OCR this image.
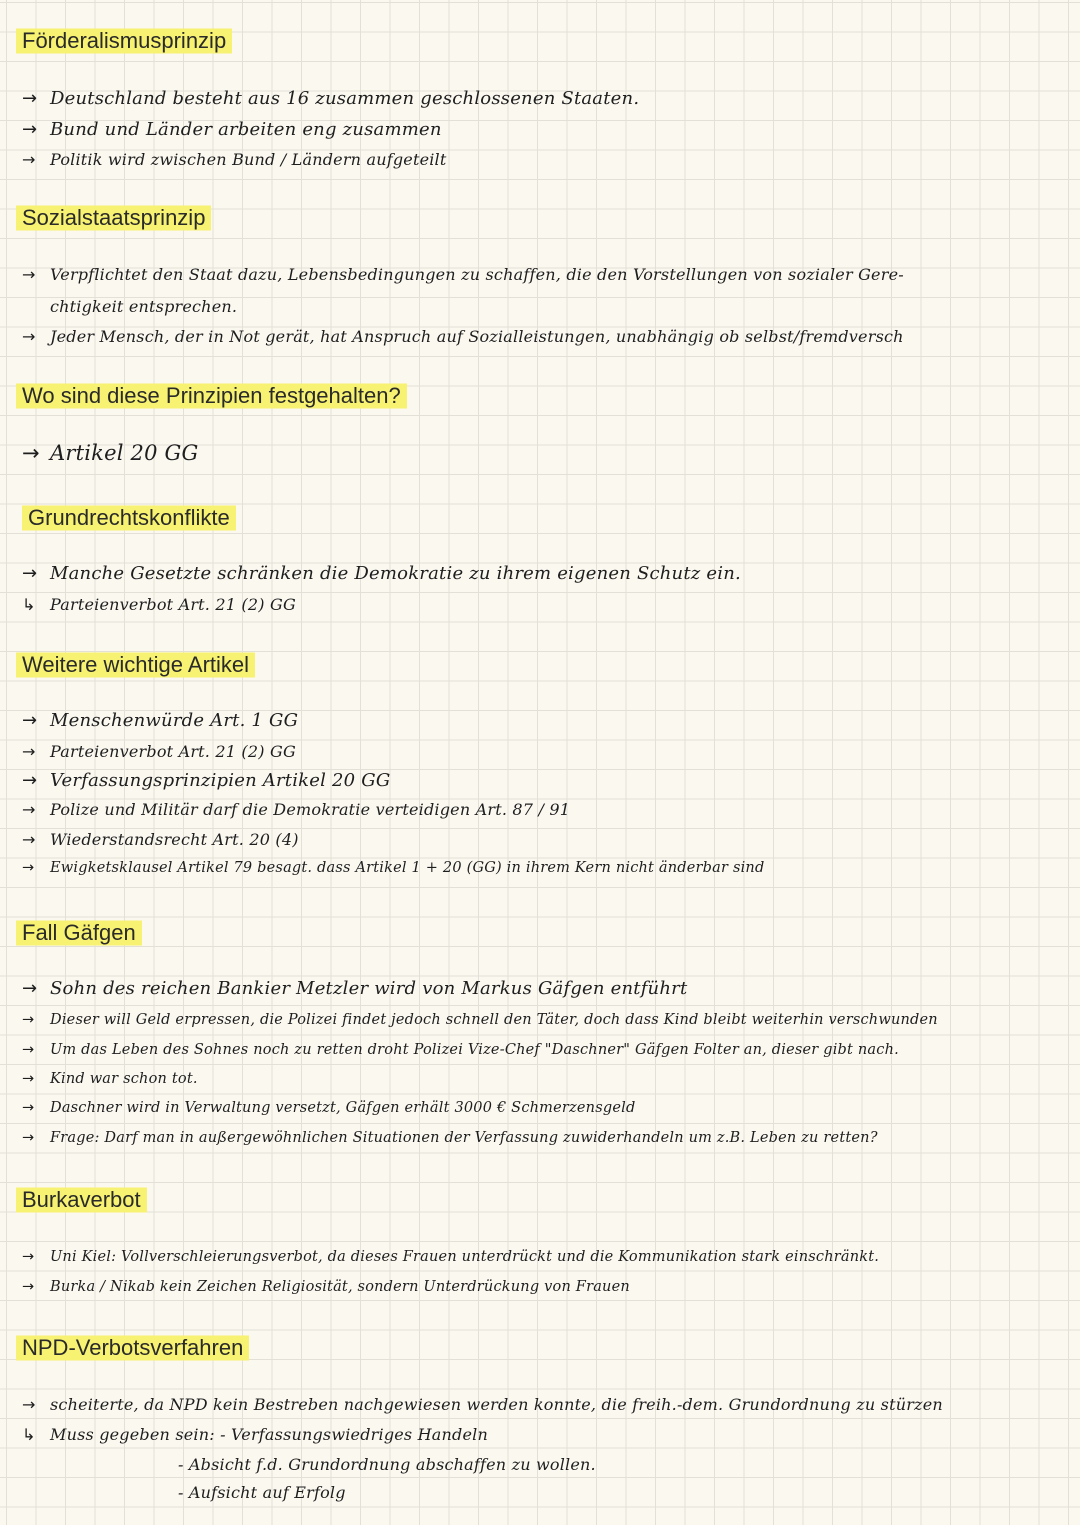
Förderalismusprinzip
→ Deutschland besteht aus 16 zusammen geschlossenen Staaten.
→ Bund und Länder arbeiten eng zusammen
→ Politik wird zwischen Bund / Ländern aufgeteilt
Sozialstaatsprinzip
→ Verpflichtet den Staat dazu, Lebensbedingungen zu schaffen, die den Vorstellungen von sozialer Gere-
chtigkeit entsprechen.
→ Jeder Mensch, der in Not gerät, hat Anspruch auf Sozialleistungen, unabhängig ob selbst/fremdversch
Wo sind diese Prinzipien festgehalten?
→ Artikel 20 GG
Grundrechtskonflikte
→ Manche Gesetzte schränken die Demokratie zu ihrem eigenen Schutz ein.
↳ Parteienverbot Art. 21 (2) GG
Weitere wichtige Artikel
→ Menschenwürde Art. 1 GG
→ Parteienverbot Art. 21 (2) GG
→ Verfassungsprinzipien Artikel 20 GG
→ Polize und Militär darf die Demokratie verteidigen Art. 87 / 91
→ Wiederstandsrecht Art. 20 (4)
→ Ewigketsklausel Artikel 79 besagt. dass Artikel 1 + 20 (GG) in ihrem Kern nicht änderbar sind
Fall Gäfgen
→ Sohn des reichen Bankier Metzler wird von Markus Gäfgen entführt
→ Dieser will Geld erpressen, die Polizei findet jedoch schnell den Täter, doch dass Kind bleibt weiterhin verschwunden
→ Um das Leben des Sohnes noch zu retten droht Polizei Vize-Chef "Daschner" Gäfgen Folter an, dieser gibt nach.
→ Kind war schon tot.
→ Daschner wird in Verwaltung versetzt, Gäfgen erhält 3000 € Schmerzensgeld
→ Frage: Darf man in außergewöhnlichen Situationen der Verfassung zuwiderhandeln um z.B. Leben zu retten?
Burkaverbot
→ Uni Kiel: Vollverschleierungsverbot, da dieses Frauen unterdrückt und die Kommunikation stark einschränkt.
→ Burka / Nikab kein Zeichen Religiosität, sondern Unterdrückung von Frauen
NPD-Verbotsverfahren
→ scheiterte, da NPD kein Bestreben nachgewiesen werden konnte, die freih.-dem. Grundordnung zu stürzen
↳ Muss gegeben sein: - Verfassungswiedriges Handeln
- Absicht f.d. Grundordnung abschaffen zu wollen.
- Aufsicht auf Erfolg
